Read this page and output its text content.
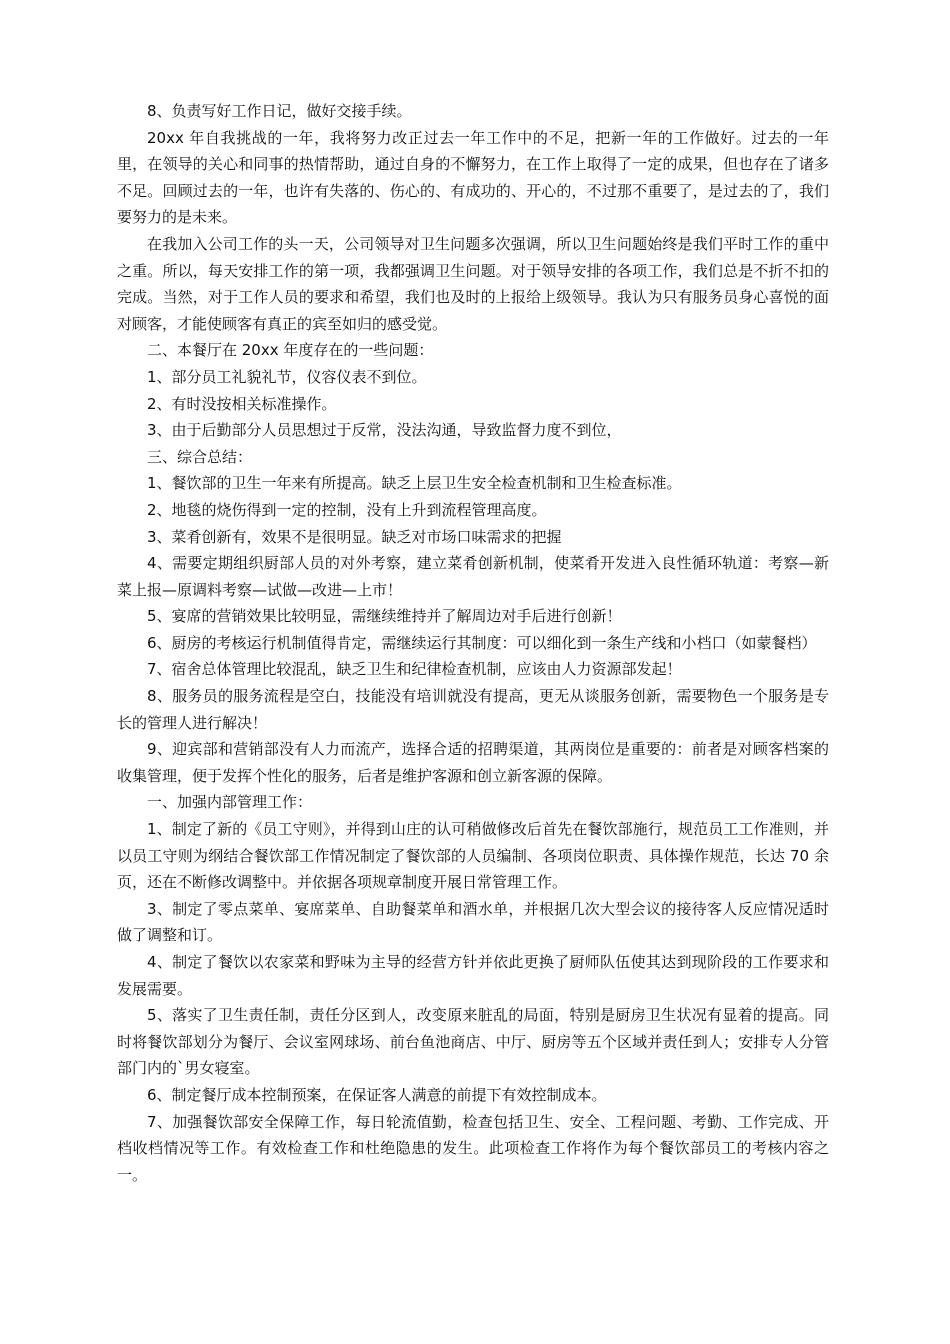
8、负责写好工作日记，做好交接手续。

20xx 年自我挑战的一年，我将努力改正过去一年工作中的不足，把新一年的工作做好。过去的一年里，在领导的关心和同事的热情帮助，通过自身的不懈努力，在工作上取得了一定的成果，但也存在了诸多不足。回顾过去的一年，也许有失落的、伤心的、有成功的、开心的，不过那不重要了，是过去的了，我们要努力的是未来。

在我加入公司工作的头一天，公司领导对卫生问题多次强调，所以卫生问题始终是我们平时工作的重中之重。所以，每天安排工作的第一项，我都强调卫生问题。对于领导安排的各项工作，我们总是不折不扣的完成。当然，对于工作人员的要求和希望，我们也及时的上报给上级领导。我认为只有服务员身心喜悦的面对顾客，才能使顾客有真正的宾至如归的感受觉。

二、本餐厅在 20xx 年度存在的一些问题：

1、部分员工礼貌礼节，仪容仪表不到位。

2、有时没按相关标准操作。

3、由于后勤部分人员思想过于反常，没法沟通，导致监督力度不到位，

三、综合总结：

1、餐饮部的卫生一年来有所提高。缺乏上层卫生安全检查机制和卫生检查标准。

2、地毯的烧伤得到一定的控制，没有上升到流程管理高度。

3、菜肴创新有，效果不是很明显。缺乏对市场口味需求的把握

4、需要定期组织厨部人员的对外考察，建立菜肴创新机制，使菜肴开发进入良性循环轨道：考察—新菜上报—原调料考察—试做—改进—上市！

5、宴席的营销效果比较明显，需继续维持并了解周边对手后进行创新！

6、厨房的考核运行机制值得肯定，需继续运行其制度：可以细化到一条生产线和小档口（如蒙餐档）

7、宿舍总体管理比较混乱，缺乏卫生和纪律检查机制，应该由人力资源部发起！

8、服务员的服务流程是空白，技能没有培训就没有提高，更无从谈服务创新，需要物色一个服务是专长的管理人进行解决！

9、迎宾部和营销部没有人力而流产，选择合适的招聘渠道，其两岗位是重要的：前者是对顾客档案的收集管理，便于发挥个性化的服务，后者是维护客源和创立新客源的保障。

一、加强内部管理工作：

1、制定了新的《员工守则》，并得到山庄的认可稍做修改后首先在餐饮部施行，规范员工工作准则，并以员工守则为纲结合餐饮部工作情况制定了餐饮部的人员编制、各项岗位职责、具体操作规范，长达 70 余页，还在不断修改调整中。并依据各项规章制度开展日常管理工作。

3、制定了零点菜单、宴席菜单、自助餐菜单和酒水单，并根据几次大型会议的接待客人反应情况适时做了调整和订。

4、制定了餐饮以农家菜和野味为主导的经营方针并依此更换了厨师队伍使其达到现阶段的工作要求和发展需要。

5、落实了卫生责任制，责任分区到人，改变原来脏乱的局面，特别是厨房卫生状况有显着的提高。同时将餐饮部划分为餐厅、会议室网球场、前台鱼池商店、中厅、厨房等五个区域并责任到人；安排专人分管部门内的`男女寝室。

6、制定餐厅成本控制预案，在保证客人满意的前提下有效控制成本。

7、加强餐饮部安全保障工作，每日轮流值勤，检查包括卫生、安全、工程问题、考勤、工作完成、开档收档情况等工作。有效检查工作和杜绝隐患的发生。此项检查工作将作为每个餐饮部员工的考核内容之一。
